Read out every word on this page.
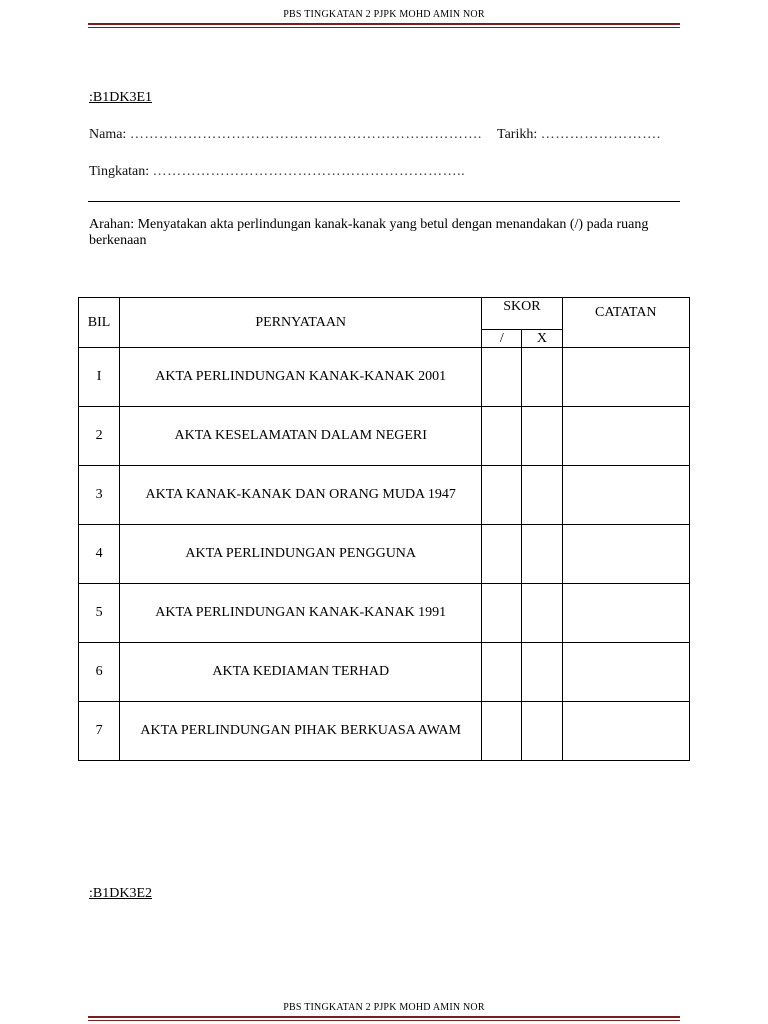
PBS TINGKATAN 2 PJPK MOHD AMIN NOR
:B1DK3E1
Nama: ………………………………………………………………. Tarikh: …………………….
Tingkatan: ………………………………………………………..
Arahan: Menyatakan akta perlindungan kanak-kanak yang betul dengan menandakan (/) pada ruang berkenaan
BIL	PERNYATAAN	SKOR		CATATAN
		/	X	
I	AKTA PERLINDUNGAN KANAK-KANAK 2001			
2	AKTA KESELAMATAN DALAM NEGERI			
3	AKTA KANAK-KANAK DAN ORANG MUDA 1947			
4	AKTA PERLINDUNGAN PENGGUNA			
5	AKTA PERLINDUNGAN KANAK-KANAK 1991			
6	AKTA KEDIAMAN TERHAD			
7	AKTA PERLINDUNGAN PIHAK BERKUASA AWAM			
:B1DK3E2
PBS TINGKATAN 2 PJPK MOHD AMIN NOR
